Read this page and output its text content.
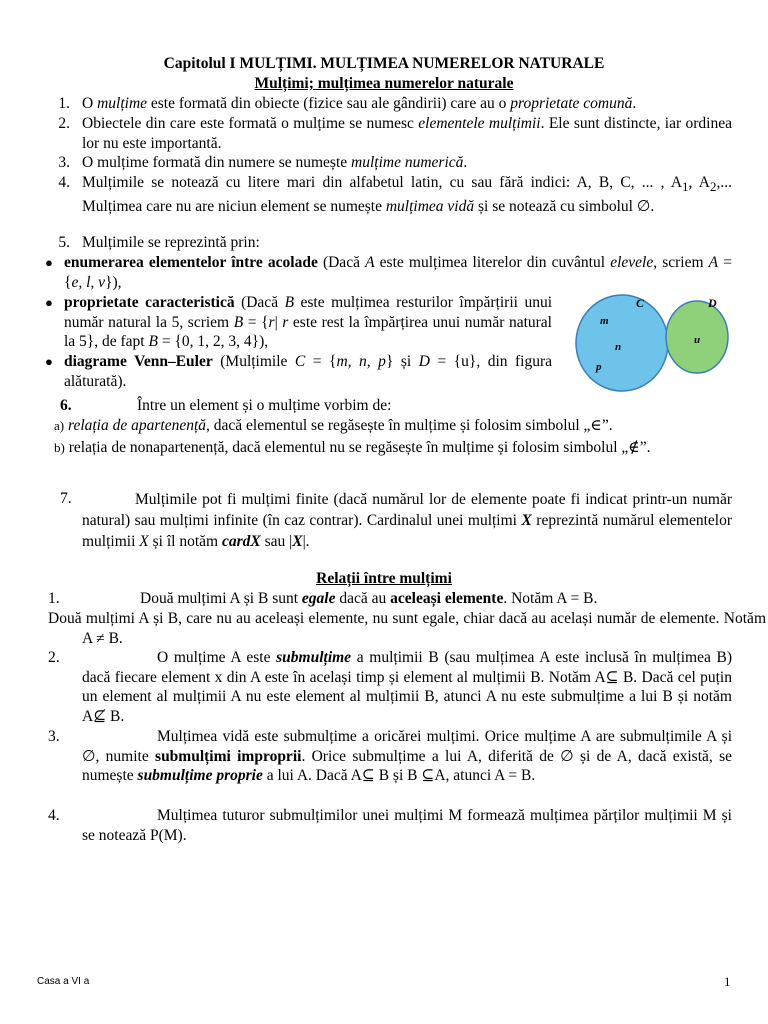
Capitolul I MULȚIMI. MULȚIMEA NUMERELOR NATURALE
Mulțimi; mulțimea numerelor naturale
1. O mulțime este formată din obiecte (fizice sau ale gândirii) care au o proprietate comună.
2. Obiectele din care este formată o mulțime se numesc elementele mulțimii. Ele sunt distincte, iar ordinea lor nu este importantă.
3. O mulțime formată din numere se numește mulțime numerică.
4. Mulțimile se notează cu litere mari din alfabetul latin, cu sau fără indici: A, B, C, ... , $A_1$, $A_2$,... Mulțimea care nu are niciun element se numește mulțimea vidă și se notează cu simbolul ∅.
5. Mulțimile se reprezintă prin:
● enumerarea elementelor între acolade (Dacă A este mulțimea literelor din cuvântul elevele, scriem A = {e, l, v}),
● proprietate caracteristică (Dacă B este mulțimea resturilor împărțirii unui număr natural la 5, scriem B = {r| r este rest la împărțirea unui număr natural la 5}, de fapt B = {0, 1, 2, 3, 4}),
● diagrame Venn–Euler (Mulțimile C = {m, n, p} și D = {u}, din figura alăturată).
C	D
m
n
p
u
6.	Între un element și o mulțime vorbim de:
a) relația de apartenență, dacă elementul se regăsește în mulțime și folosim simbolul „∈”.
b) relația de nonapartenență, dacă elementul nu se regăsește în mulțime și folosim simbolul „∉”.
7.	Mulțimile pot fi mulțimi finite (dacă numărul lor de elemente poate fi indicat printr-un număr natural) sau mulțimi infinite (în caz contrar). Cardinalul unei mulțimi X reprezintă numărul elementelor mulțimii X și îl notăm cardX sau |X|.
Relații între mulțimi
1.	Două mulțimi A și B sunt egale dacă au aceleași elemente. Notăm A = B.
Două mulțimi A și B, care nu au aceleași elemente, nu sunt egale, chiar dacă au același număr de elemente. Notăm A ≠ B.
2.	O mulțime A este submulțime a mulțimii B (sau mulțimea A este inclusă în mulțimea B) dacă fiecare element x din A este în același timp și element al mulțimii B. Notăm A⊆ B. Dacă cel puțin un element al mulțimii A nu este element al mulțimii B, atunci A nu este submulțime a lui B și notăm A⊈ B.
3.	Mulțimea vidă este submulțime a oricărei mulțimi. Orice mulțime A are submulțimile A și ∅, numite submulțimi improprii. Orice submulțime a lui A, diferită de ∅ și de A, dacă există, se numește submulțime proprie a lui A. Dacă A⊆ B și B ⊆A, atunci A = B.
4.	Mulțimea tuturor submulțimilor unei mulțimi M formează mulțimea părților mulțimii M și se notează P(M).
Casa a VI a	1
